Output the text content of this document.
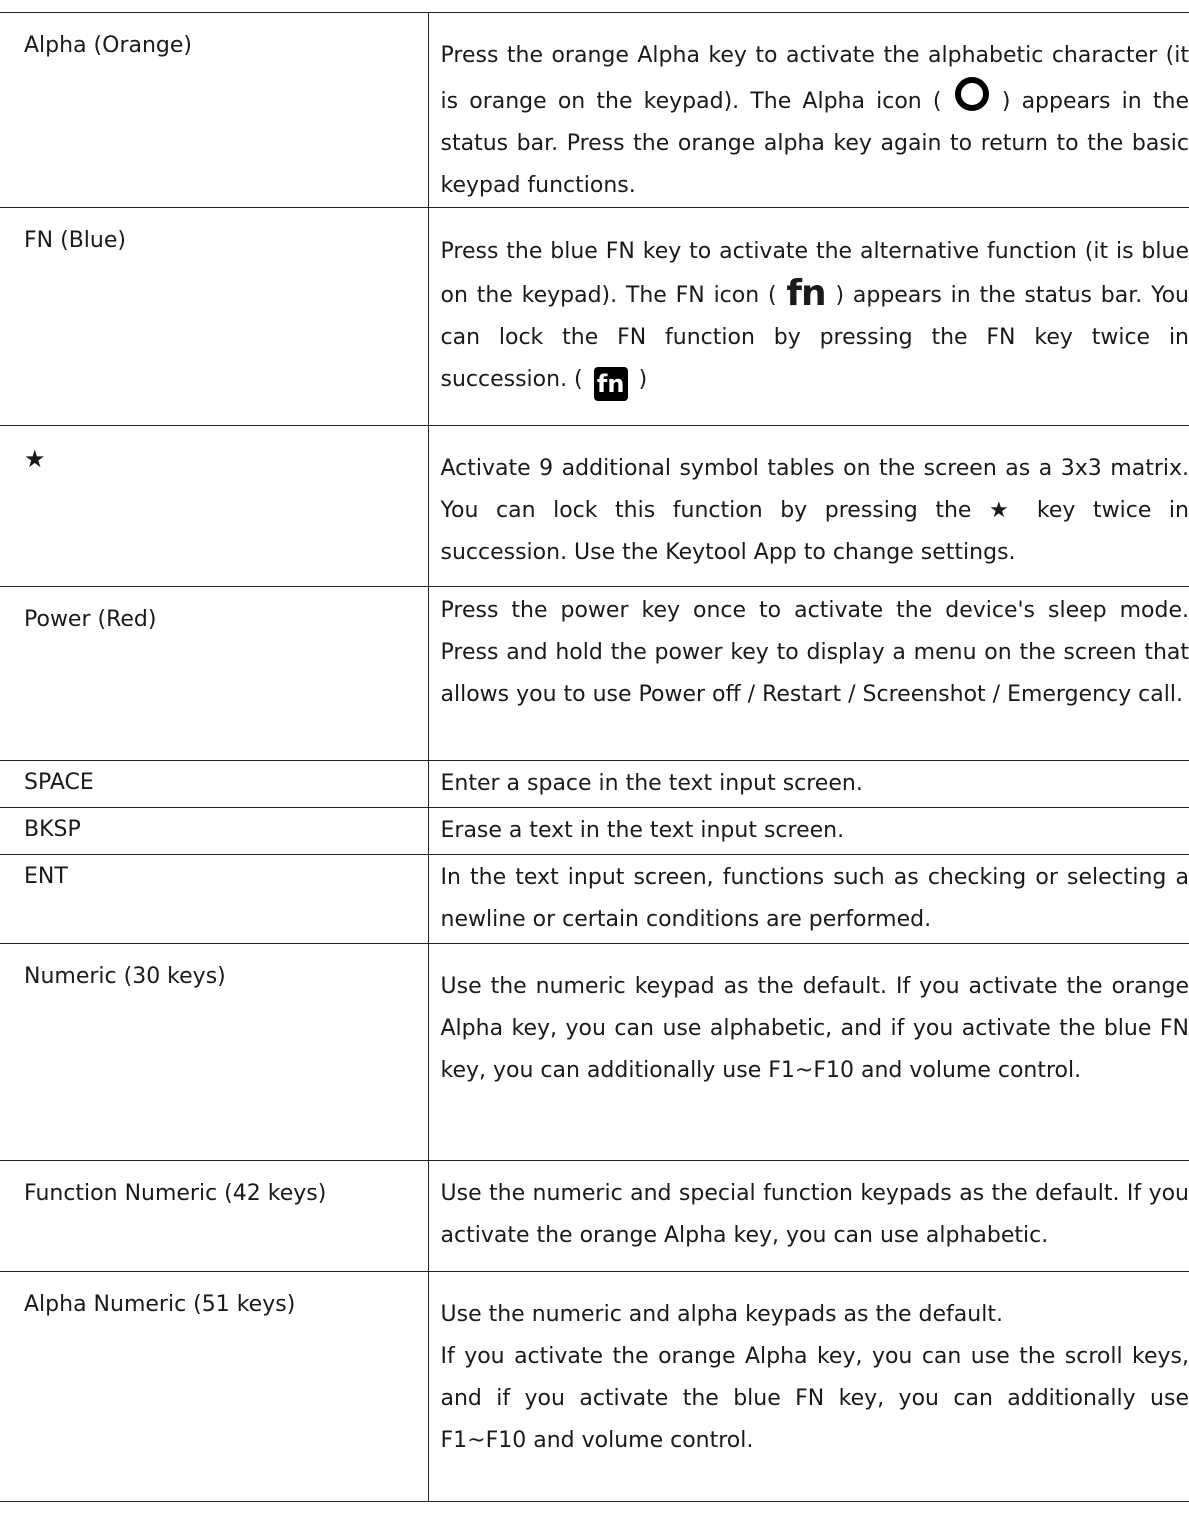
Alpha (Orange)	Press the orange Alpha key to activate the alphabetic character (it is orange on the keypad). The Alpha icon ( ) appears in the status bar. Press the orange alpha key again to return to the basic keypad functions.

FN (Blue)	Press the blue FN key to activate the alternative function (it is blue on the keypad). The FN icon ( fn ) appears in the status bar. You can lock the FN function by pressing the FN key twice in succession. ( fn )

★	Activate 9 additional symbol tables on the screen as a 3x3 matrix. You can lock this function by pressing the ★ key twice in succession. Use the Keytool App to change settings.

Power (Red)	Press the power key once to activate the device's sleep mode. Press and hold the power key to display a menu on the screen that allows you to use Power off / Restart / Screenshot / Emergency call.

SPACE	Enter a space in the text input screen.

BKSP	Erase a text in the text input screen.

ENT	In the text input screen, functions such as checking or selecting a newline or certain conditions are performed.

Numeric (30 keys)	Use the numeric keypad as the default. If you activate the orange Alpha key, you can use alphabetic, and if you activate the blue FN key, you can additionally use F1~F10 and volume control.

Function Numeric (42 keys)	Use the numeric and special function keypads as the default. If you activate the orange Alpha key, you can use alphabetic.

Alpha Numeric (51 keys)	Use the numeric and alpha keypads as the default.
If you activate the orange Alpha key, you can use the scroll keys, and if you activate the blue FN key, you can additionally use F1~F10 and volume control.
